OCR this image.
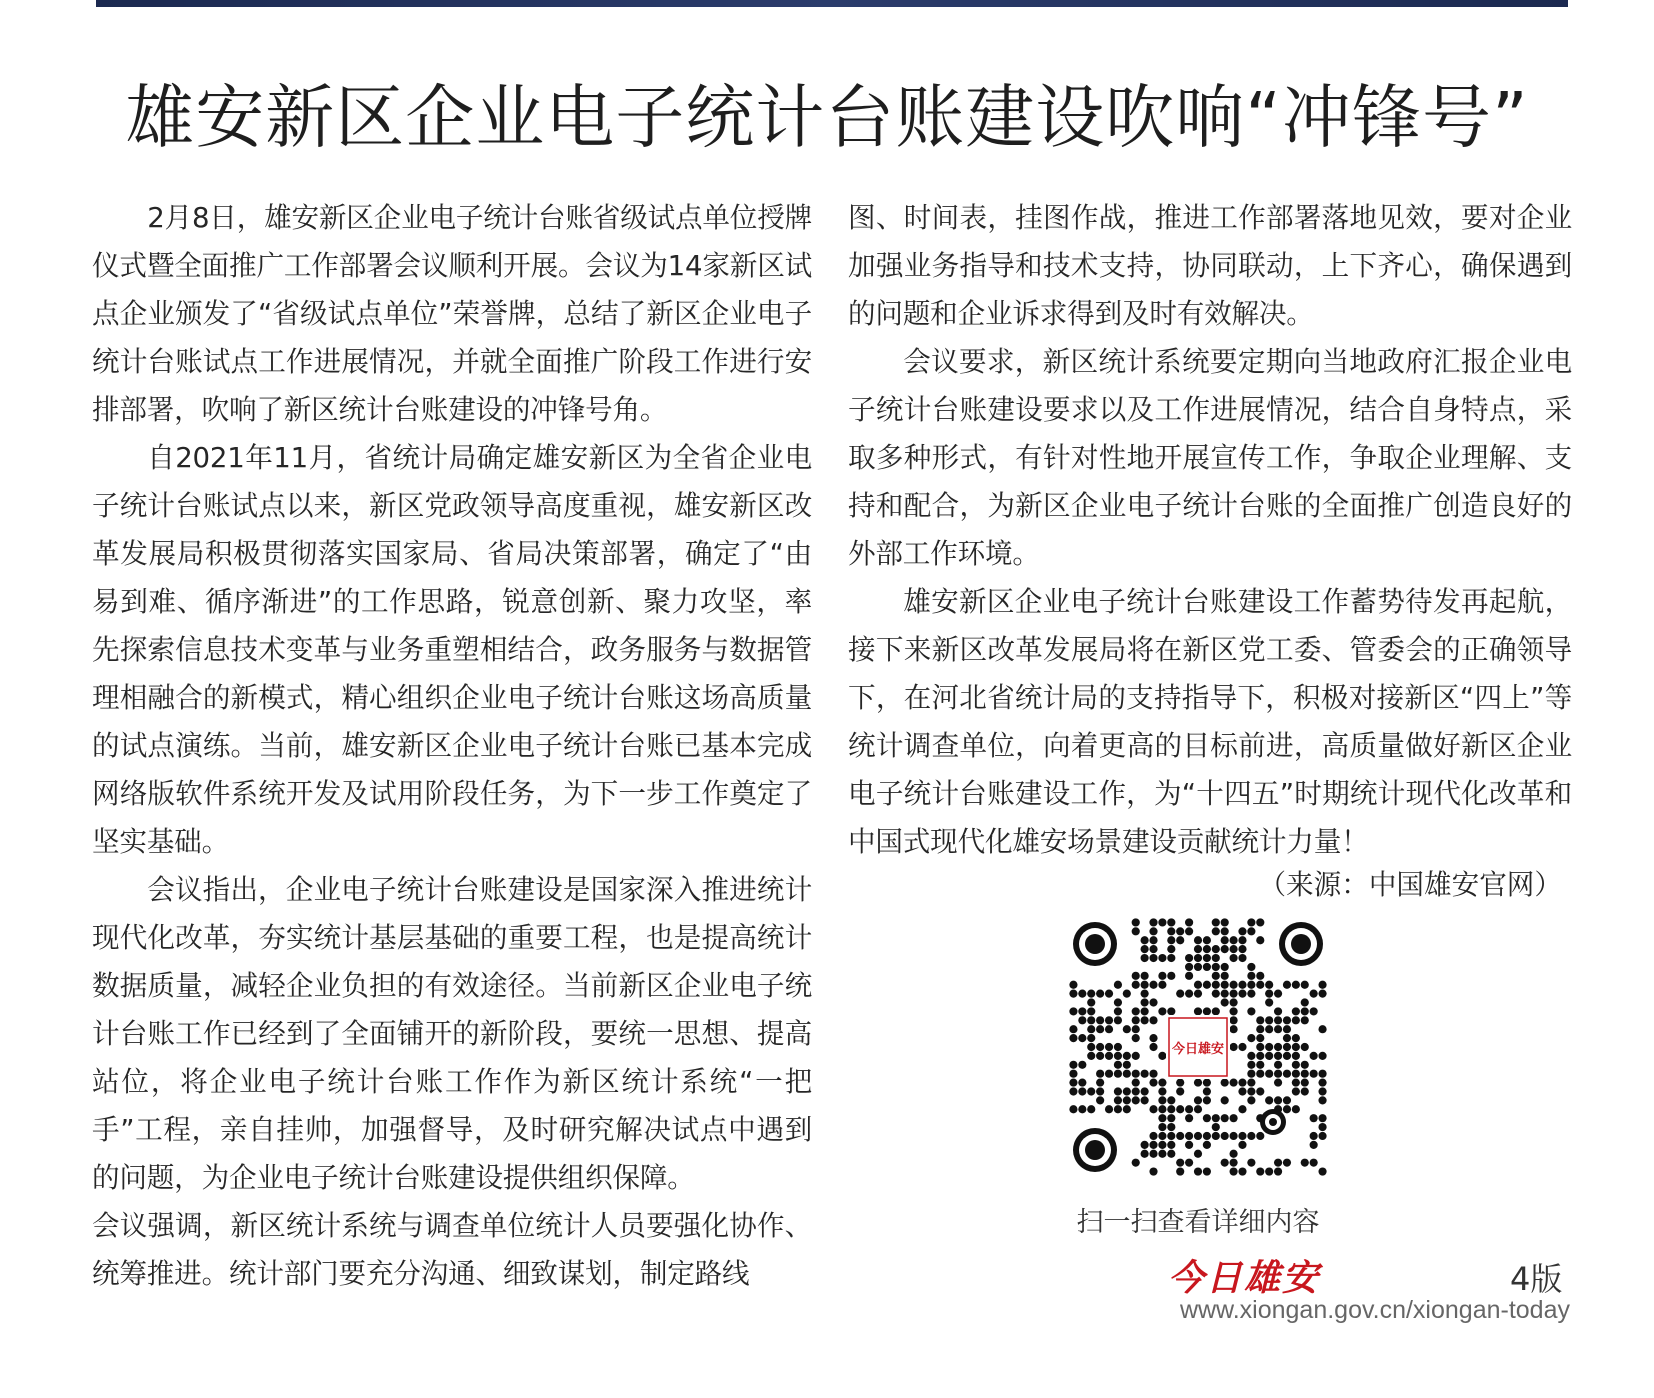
雄安新区企业电子统计台账建设吹响“冲锋号”

2月8日，雄安新区企业电子统计台账省级试点单位授牌仪式暨全面推广工作部署会议顺利开展。会议为14家新区试点企业颁发了“省级试点单位”荣誉牌，总结了新区企业电子统计台账试点工作进展情况，并就全面推广阶段工作进行安排部署，吹响了新区统计台账建设的冲锋号角。

自2021年11月，省统计局确定雄安新区为全省企业电子统计台账试点以来，新区党政领导高度重视，雄安新区改革发展局积极贯彻落实国家局、省局决策部署，确定了“由易到难、循序渐进”的工作思路，锐意创新、聚力攻坚，率先探索信息技术变革与业务重塑相结合，政务服务与数据管理相融合的新模式，精心组织企业电子统计台账这场高质量的试点演练。当前，雄安新区企业电子统计台账已基本完成网络版软件系统开发及试用阶段任务，为下一步工作奠定了坚实基础。

会议指出，企业电子统计台账建设是国家深入推进统计现代化改革，夯实统计基层基础的重要工程，也是提高统计数据质量，减轻企业负担的有效途径。当前新区企业电子统计台账工作已经到了全面铺开的新阶段，要统一思想、提高站位，将企业电子统计台账工作作为新区统计系统“一把手”工程，亲自挂帅，加强督导，及时研究解决试点中遇到的问题，为企业电子统计台账建设提供组织保障。

会议强调，新区统计系统与调查单位统计人员要强化协作、统筹推进。统计部门要充分沟通、细致谋划，制定路线

图、时间表，挂图作战，推进工作部署落地见效，要对企业加强业务指导和技术支持，协同联动，上下齐心，确保遇到的问题和企业诉求得到及时有效解决。

会议要求，新区统计系统要定期向当地政府汇报企业电子统计台账建设要求以及工作进展情况，结合自身特点，采取多种形式，有针对性地开展宣传工作，争取企业理解、支持和配合，为新区企业电子统计台账的全面推广创造良好的外部工作环境。

雄安新区企业电子统计台账建设工作蓄势待发再起航，接下来新区改革发展局将在新区党工委、管委会的正确领导下，在河北省统计局的支持指导下，积极对接新区“四上”等统计调查单位，向着更高的目标前进，高质量做好新区企业电子统计台账建设工作，为“十四五”时期统计现代化改革和中国式现代化雄安场景建设贡献统计力量！

（来源：中国雄安官网）
今日雄安
扫一扫查看详细内容
今日雄安	4版
www.xiongan.gov.cn/xiongan-today
